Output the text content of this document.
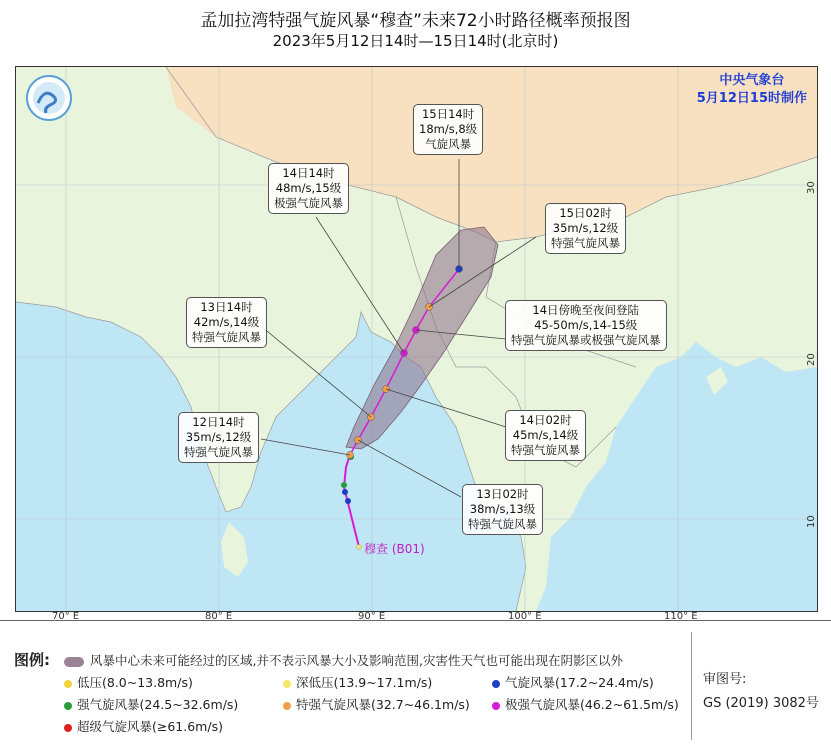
孟加拉湾特强气旋风暴“穆查”未来72小时路径概率预报图
2023年5月12日14时—15日14时(北京时)
70° E	80° E	90° E	100° E	110° E
30
20
10
穆查 (B01)
15日14时
18m/s,8级
气旋风暴
14日14时
48m/s,15级
极强气旋风暴
15日02时
35m/s,12级
特强气旋风暴
13日14时
42m/s,14级
特强气旋风暴
14日傍晚至夜间登陆
45-50m/s,14-15级
特强气旋风暴或极强气旋风暴
12日14时
35m/s,12级
特强气旋风暴
14日02时
45m/s,14级
特强气旋风暴
13日02时
38m/s,13级
特强气旋风暴
中央气象台
5月12日15时制作
图例:	风暴中心未来可能经过的区域,并不表示风暴大小及影响范围,灾害性天气也可能出现在阴影区以外
低压(8.0~13.8m/s)	深低压(13.9~17.1m/s)	气旋风暴(17.2~24.4m/s)
强气旋风暴(24.5~32.6m/s)	特强气旋风暴(32.7~46.1m/s)	极强气旋风暴(46.2~61.5m/s)
超级气旋风暴(≥61.6m/s)
审图号:
GS (2019) 3082号
